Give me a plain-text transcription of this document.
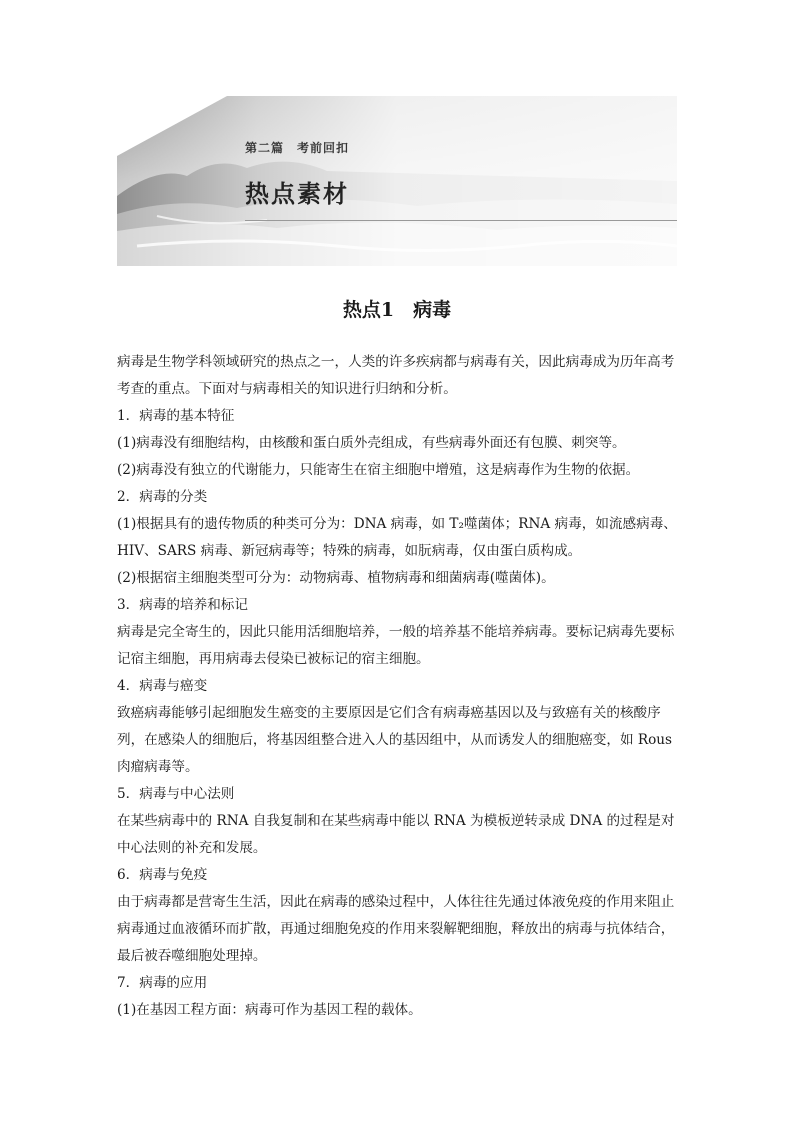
第二篇　考前回扣
热点素材
热点1　病毒

病毒是生物学科领域研究的热点之一，人类的许多疾病都与病毒有关，因此病毒成为历年高考考查的重点。下面对与病毒相关的知识进行归纳和分析。

1．病毒的基本特征

(1)病毒没有细胞结构，由核酸和蛋白质外壳组成，有些病毒外面还有包膜、刺突等。

(2)病毒没有独立的代谢能力，只能寄生在宿主细胞中增殖，这是病毒作为生物的依据。

2．病毒的分类

(1)根据具有的遗传物质的种类可分为：DNA 病毒，如 T₂噬菌体；RNA 病毒，如流感病毒、HIV、SARS 病毒、新冠病毒等；特殊的病毒，如朊病毒，仅由蛋白质构成。

(2)根据宿主细胞类型可分为：动物病毒、植物病毒和细菌病毒(噬菌体)。

3．病毒的培养和标记

病毒是完全寄生的，因此只能用活细胞培养，一般的培养基不能培养病毒。要标记病毒先要标记宿主细胞，再用病毒去侵染已被标记的宿主细胞。

4．病毒与癌变

致癌病毒能够引起细胞发生癌变的主要原因是它们含有病毒癌基因以及与致癌有关的核酸序列，在感染人的细胞后，将基因组整合进入人的基因组中，从而诱发人的细胞癌变，如 Rous 肉瘤病毒等。

5．病毒与中心法则

在某些病毒中的 RNA 自我复制和在某些病毒中能以 RNA 为模板逆转录成 DNA 的过程是对中心法则的补充和发展。

6．病毒与免疫

由于病毒都是营寄生生活，因此在病毒的感染过程中，人体往往先通过体液免疫的作用来阻止病毒通过血液循环而扩散，再通过细胞免疫的作用来裂解靶细胞，释放出的病毒与抗体结合，最后被吞噬细胞处理掉。

7．病毒的应用

(1)在基因工程方面：病毒可作为基因工程的载体。
